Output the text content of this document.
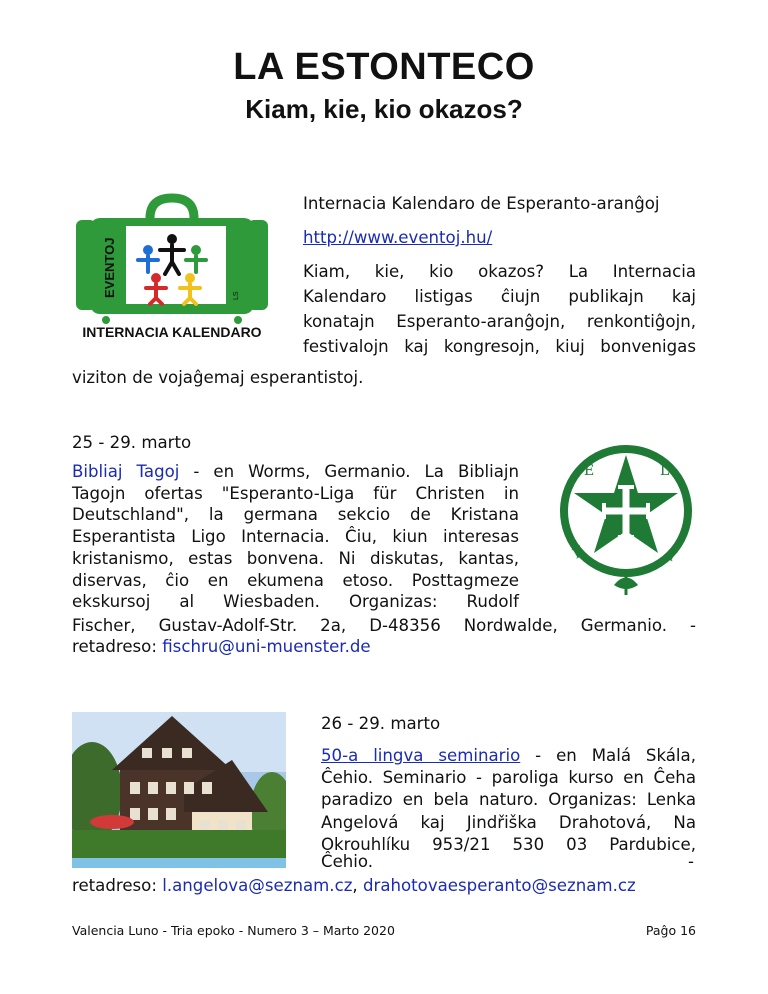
LA ESTONTECO
Kiam, kie, kio okazos?
EVENTOJ	LS
INTERNACIA KALENDARO
Internacia Kalendaro de Esperanto-aranĝoj
http://www.eventoj.hu/
Kiam, kie, kio okazos? La Internacia
Kalendaro listigas ĉiujn publikajn kaj
konatajn Esperanto-aranĝojn, renkontiĝojn,
festivalojn kaj kongresojn, kiuj bonvenigas
viziton de vojaĝemaj esperantistoj.
25 - 29. marto
Bibliaj Tagoj - en Worms, Germanio. La Bibliajn
Tagojn ofertas "Esperanto-Liga für Christen in
Deutschland", la germana sekcio de Kristana
Esperantista Ligo Internacia. Ĉiu, kiun interesas
kristanismo, estas bonvena. Ni diskutas, kantas,
diservas, ĉio en ekumena etoso. Posttagmeze
ekskursoj al Wiesbaden. Organizas: Rudolf
Fischer, Gustav-Adolf-Str. 2a, D-48356 Nordwalde, Germanio. -
retadreso: fischru@uni-muenster.de
K
E	L
I
26 - 29. marto
50-a lingva seminario - en Malá Skála,
Ĉehio. Seminario - paroliga kurso en Ĉeha
paradizo en bela naturo. Organizas: Lenka
Angelová kaj Jindřiška Drahotová, Na
Okrouhlíku 953/21 530 03 Pardubice,
Ĉehio.	-
retadreso: l.angelova@seznam.cz, drahotovaesperanto@seznam.cz
Valencia Luno - Tria epoko - Numero 3 – Marto 2020	Paĝo 16
